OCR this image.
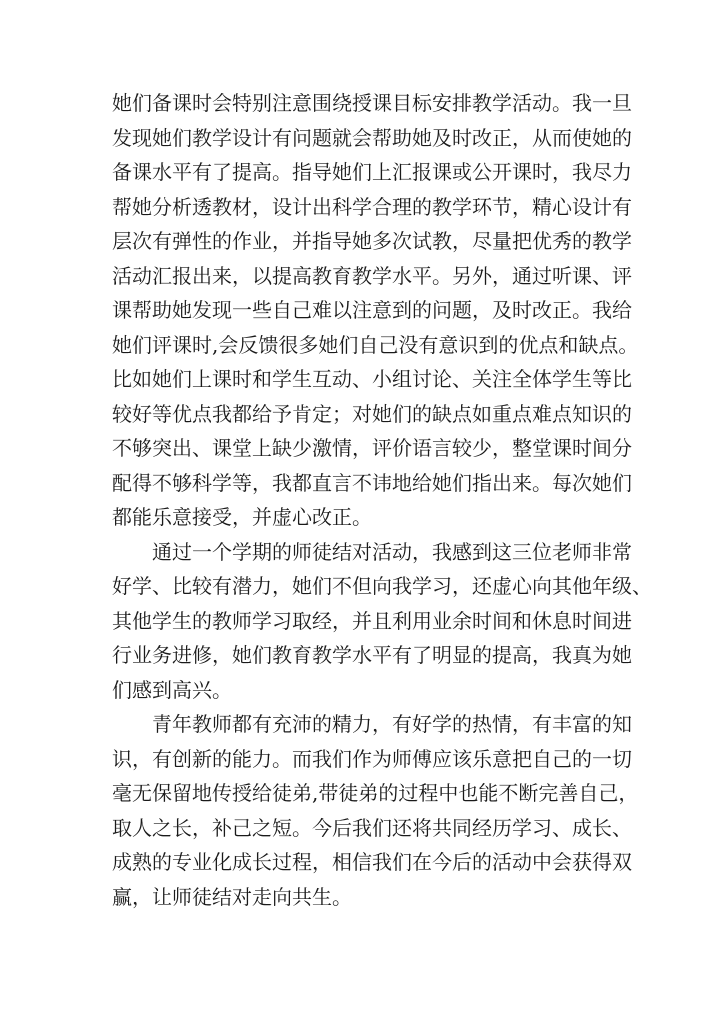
她们备课时会特别注意围绕授课目标安排教学活动。我一旦
发现她们教学设计有问题就会帮助她及时改正，从而使她的
备课水平有了提高。指导她们上汇报课或公开课时，我尽力
帮她分析透教材，设计出科学合理的教学环节，精心设计有
层次有弹性的作业，并指导她多次试教，尽量把优秀的教学
活动汇报出来，以提高教育教学水平。另外，通过听课、评
课帮助她发现一些自己难以注意到的问题，及时改正。我给
她们评课时,会反馈很多她们自己没有意识到的优点和缺点。
比如她们上课时和学生互动、小组讨论、关注全体学生等比
较好等优点我都给予肯定；对她们的缺点如重点难点知识的
不够突出、课堂上缺少激情，评价语言较少，整堂课时间分
配得不够科学等，我都直言不讳地给她们指出来。每次她们
都能乐意接受，并虚心改正。
通过一个学期的师徒结对活动，我感到这三位老师非常
好学、比较有潜力，她们不但向我学习，还虚心向其他年级、
其他学生的教师学习取经，并且利用业余时间和休息时间进
行业务进修，她们教育教学水平有了明显的提高，我真为她
们感到高兴。
青年教师都有充沛的精力，有好学的热情，有丰富的知
识，有创新的能力。而我们作为师傅应该乐意把自己的一切
毫无保留地传授给徒弟,带徒弟的过程中也能不断完善自己，
取人之长，补己之短。今后我们还将共同经历学习、成长、
成熟的专业化成长过程，相信我们在今后的活动中会获得双
赢，让师徒结对走向共生。
